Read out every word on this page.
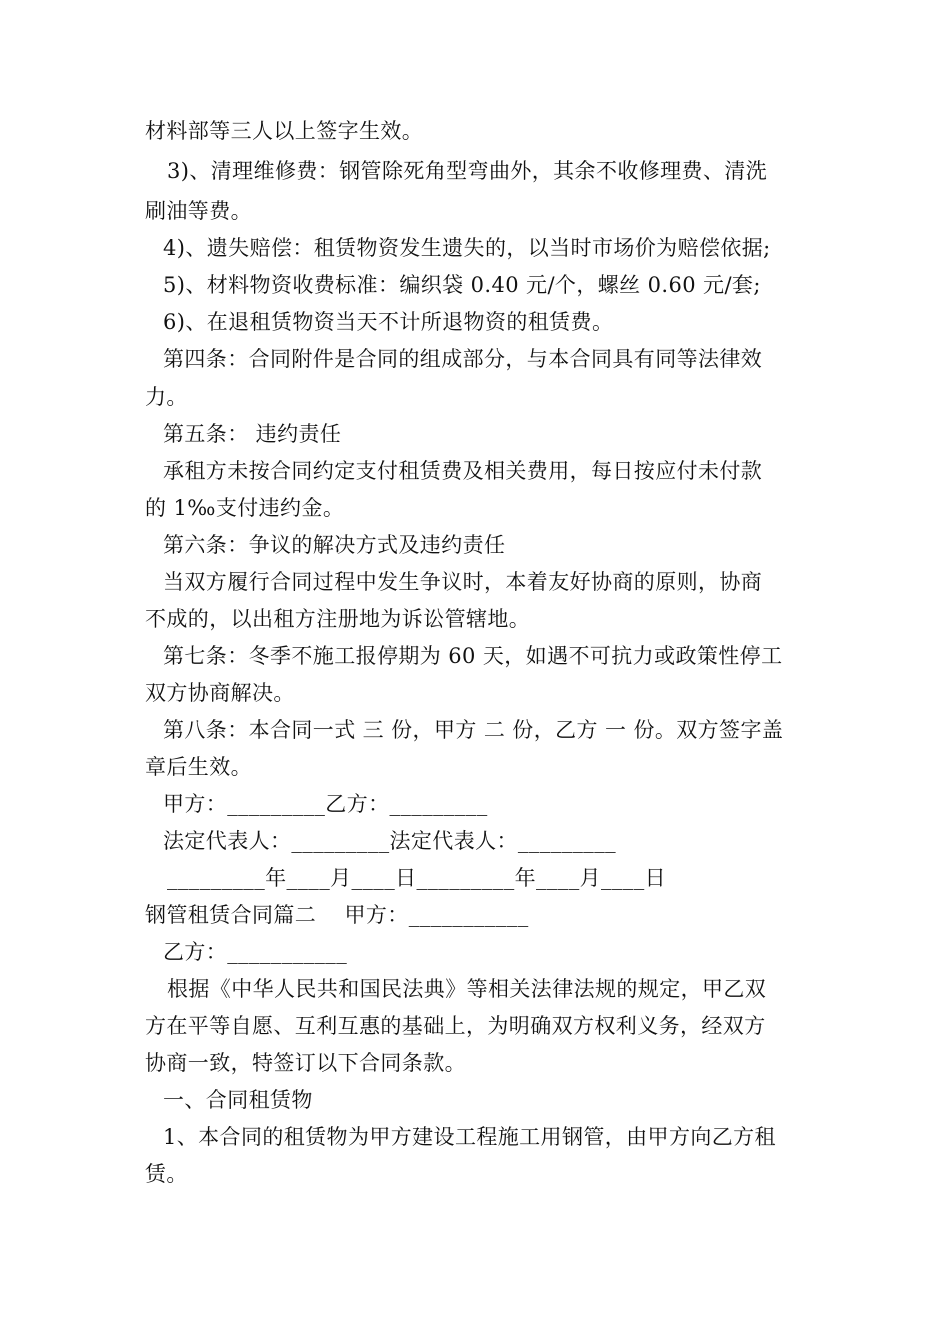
材料部等三人以上签字生效。
3)、清理维修费：钢管除死角型弯曲外，其余不收修理费、清洗
刷油等费。
4)、遗失赔偿：租赁物资发生遗失的，以当时市场价为赔偿依据;
5)、材料物资收费标准：编织袋 0.40 元/个，螺丝 0.60 元/套;
6)、在退租赁物资当天不计所退物资的租赁费。
第四条：合同附件是合同的组成部分，与本合同具有同等法律效
力。
第五条： 违约责任
承租方未按合同约定支付租赁费及相关费用，每日按应付未付款
的 1‰支付违约金。
第六条：争议的解决方式及违约责任
当双方履行合同过程中发生争议时，本着友好协商的原则，协商
不成的，以出租方注册地为诉讼管辖地。
第七条：冬季不施工报停期为 60 天，如遇不可抗力或政策性停工
双方协商解决。
第八条：本合同一式 三 份，甲方 二 份，乙方 一 份。双方签字盖
章后生效。
甲方：_________乙方：_________
法定代表人：_________法定代表人：_________
_________年____月____日_________年____月____日
钢管租赁合同篇二    甲方：___________
乙方：___________
根据《中华人民共和国民法典》等相关法律法规的规定，甲乙双
方在平等自愿、互利互惠的基础上，为明确双方权利义务，经双方
协商一致，特签订以下合同条款。
一、合同租赁物
1、本合同的租赁物为甲方建设工程施工用钢管，由甲方向乙方租
赁。
